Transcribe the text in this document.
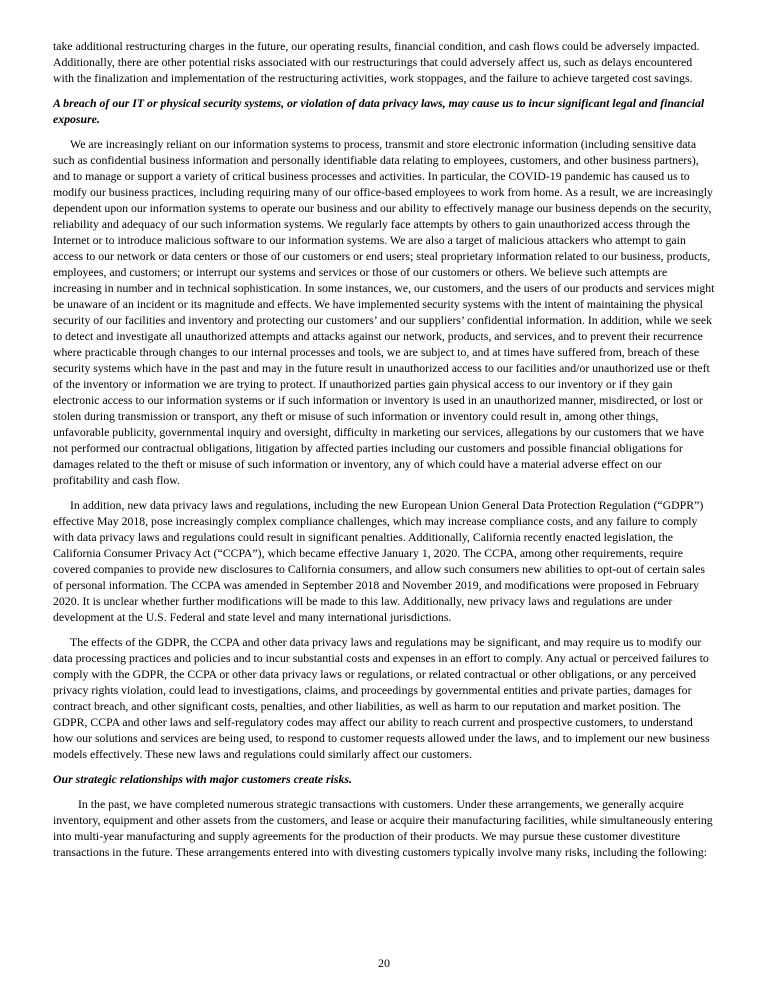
take additional restructuring charges in the future, our operating results, financial condition, and cash flows could be adversely impacted. Additionally, there are other potential risks associated with our restructurings that could adversely affect us, such as delays encountered with the finalization and implementation of the restructuring activities, work stoppages, and the failure to achieve targeted cost savings.

A breach of our IT or physical security systems, or violation of data privacy laws, may cause us to incur significant legal and financial exposure.

We are increasingly reliant on our information systems to process, transmit and store electronic information (including sensitive data such as confidential business information and personally identifiable data relating to employees, customers, and other business partners), and to manage or support a variety of critical business processes and activities. In particular, the COVID-19 pandemic has caused us to modify our business practices, including requiring many of our office-based employees to work from home. As a result, we are increasingly dependent upon our information systems to operate our business and our ability to effectively manage our business depends on the security, reliability and adequacy of our such information systems. We regularly face attempts by others to gain unauthorized access through the Internet or to introduce malicious software to our information systems. We are also a target of malicious attackers who attempt to gain access to our network or data centers or those of our customers or end users; steal proprietary information related to our business, products, employees, and customers; or interrupt our systems and services or those of our customers or others. We believe such attempts are increasing in number and in technical sophistication. In some instances, we, our customers, and the users of our products and services might be unaware of an incident or its magnitude and effects. We have implemented security systems with the intent of maintaining the physical security of our facilities and inventory and protecting our customers’ and our suppliers’ confidential information. In addition, while we seek to detect and investigate all unauthorized attempts and attacks against our network, products, and services, and to prevent their recurrence where practicable through changes to our internal processes and tools, we are subject to, and at times have suffered from, breach of these security systems which have in the past and may in the future result in unauthorized access to our facilities and/or unauthorized use or theft of the inventory or information we are trying to protect. If unauthorized parties gain physical access to our inventory or if they gain electronic access to our information systems or if such information or inventory is used in an unauthorized manner, misdirected, or lost or stolen during transmission or transport, any theft or misuse of such information or inventory could result in, among other things, unfavorable publicity, governmental inquiry and oversight, difficulty in marketing our services, allegations by our customers that we have not performed our contractual obligations, litigation by affected parties including our customers and possible financial obligations for damages related to the theft or misuse of such information or inventory, any of which could have a material adverse effect on our profitability and cash flow.

In addition, new data privacy laws and regulations, including the new European Union General Data Protection Regulation (“GDPR”) effective May 2018, pose increasingly complex compliance challenges, which may increase compliance costs, and any failure to comply with data privacy laws and regulations could result in significant penalties. Additionally, California recently enacted legislation, the California Consumer Privacy Act (“CCPA”), which became effective January 1, 2020. The CCPA, among other requirements, require covered companies to provide new disclosures to California consumers, and allow such consumers new abilities to opt-out of certain sales of personal information. The CCPA was amended in September 2018 and November 2019, and modifications were proposed in February 2020. It is unclear whether further modifications will be made to this law. Additionally, new privacy laws and regulations are under development at the U.S. Federal and state level and many international jurisdictions.

The effects of the GDPR, the CCPA and other data privacy laws and regulations may be significant, and may require us to modify our data processing practices and policies and to incur substantial costs and expenses in an effort to comply. Any actual or perceived failures to comply with the GDPR, the CCPA or other data privacy laws or regulations, or related contractual or other obligations, or any perceived privacy rights violation, could lead to investigations, claims, and proceedings by governmental entities and private parties, damages for contract breach, and other significant costs, penalties, and other liabilities, as well as harm to our reputation and market position. The GDPR, CCPA and other laws and self-regulatory codes may affect our ability to reach current and prospective customers, to understand how our solutions and services are being used, to respond to customer requests allowed under the laws, and to implement our new business models effectively. These new laws and regulations could similarly affect our customers.

Our strategic relationships with major customers create risks.

In the past, we have completed numerous strategic transactions with customers. Under these arrangements, we generally acquire inventory, equipment and other assets from the customers, and lease or acquire their manufacturing facilities, while simultaneously entering into multi-year manufacturing and supply agreements for the production of their products. We may pursue these customer divestiture transactions in the future. These arrangements entered into with divesting customers typically involve many risks, including the following:

20
